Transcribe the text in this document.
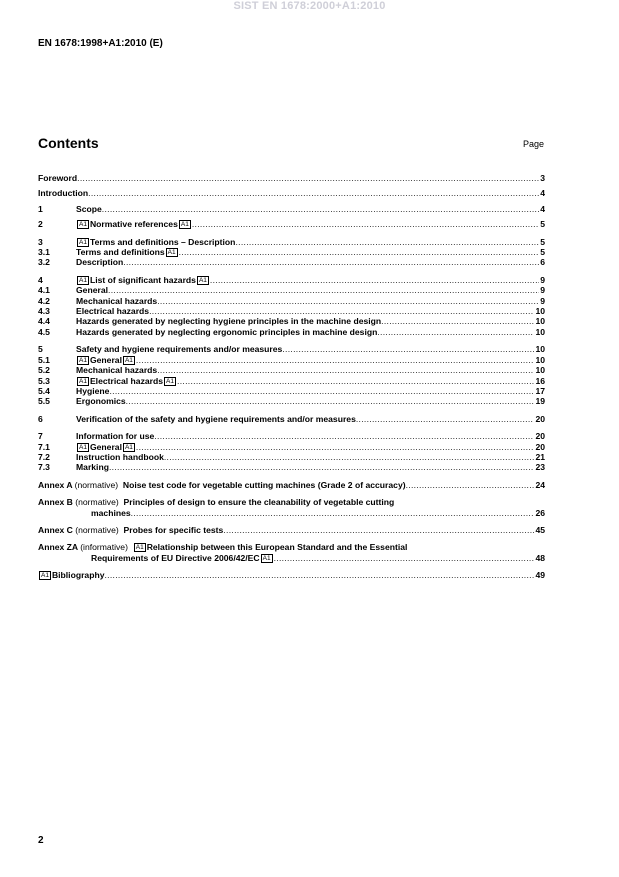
SIST EN 1678:2000+A1:2010
EN 1678:1998+A1:2010 (E)
Contents	Page
Foreword .....	3
Introduction .....	4
1	Scope .....	4
2	A1 Normative references A1 .....	5
3	A1 Terms and definitions – Description .....	5
3.1	Terms and definitions A1 .....	5
3.2	Description .....	6
4	A1 List of significant hazards A1 .....	9
4.1	General .....	9
4.2	Mechanical hazards .....	9
4.3	Electrical hazards .....	10
4.4	Hazards generated by neglecting hygiene principles in the machine design .....	10
4.5	Hazards generated by neglecting ergonomic principles in machine design .....	10
5	Safety and hygiene requirements and/or measures .....	10
5.1	A1 General A1 .....	10
5.2	Mechanical hazards .....	10
5.3	A1 Electrical hazards A1 .....	16
5.4	Hygiene .....	17
5.5	Ergonomics .....	19
6	Verification of the safety and hygiene requirements and/or measures .....	20
7	Information for use .....	20
7.1	A1 General A1 .....	20
7.2	Instruction handbook .....	21
7.3	Marking .....	23
Annex A (normative) Noise test code for vegetable cutting machines (Grade 2 of accuracy) .....	24
Annex B (normative) Principles of design to ensure the cleanability of vegetable cutting
machines .....	26
Annex C (normative) Probes for specific tests .....	45
Annex ZA (informative) A1 Relationship between this European Standard and the Essential
Requirements of EU Directive 2006/42/EC A1 .....	48
A1 Bibliography .....	49
2
